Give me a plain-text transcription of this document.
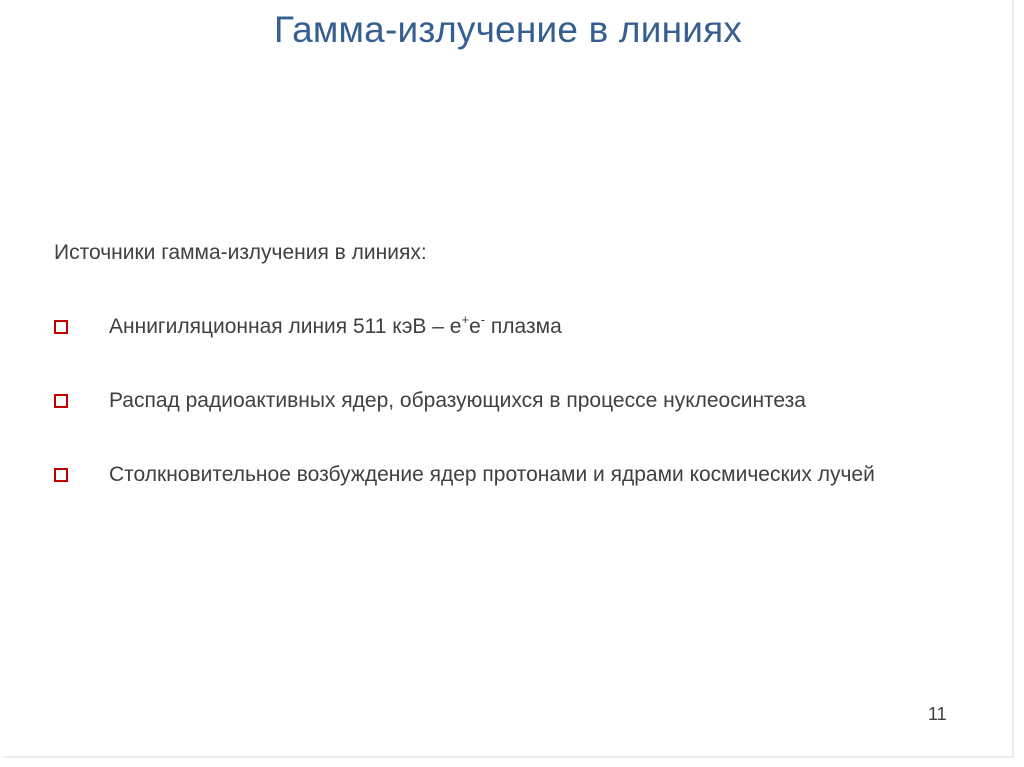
Гамма-излучение в линиях
Источники гамма-излучения в линиях:
Аннигиляционная линия 511 кэВ – e+e- плазма
Распад радиоактивных ядер, образующихся в процессе нуклеосинтеза
Столкновительное возбуждение ядер протонами и ядрами космических лучей
11
